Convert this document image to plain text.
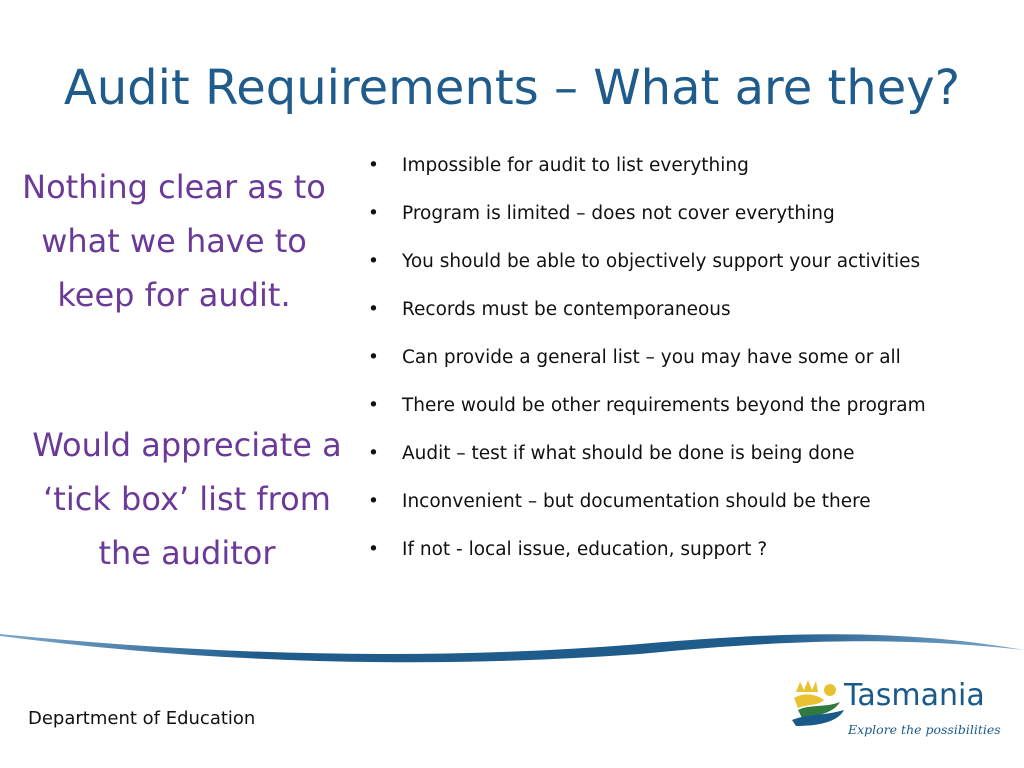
Audit Requirements – What are they?

Nothing clear as to what we have to keep for audit.

Would appreciate a ‘tick box’ list from the auditor

•	Impossible for audit to list everything
•	Program is limited – does not cover everything
•	You should be able to objectively support your activities
•	Records must be contemporaneous
•	Can provide a general list – you may have some or all
•	There would be other requirements beyond the program
•	Audit – test if what should be done is being done
•	Inconvenient – but documentation should be there
•	If not - local issue, education, support ?
Department of Education
Tasmania
Explore the possibilities
